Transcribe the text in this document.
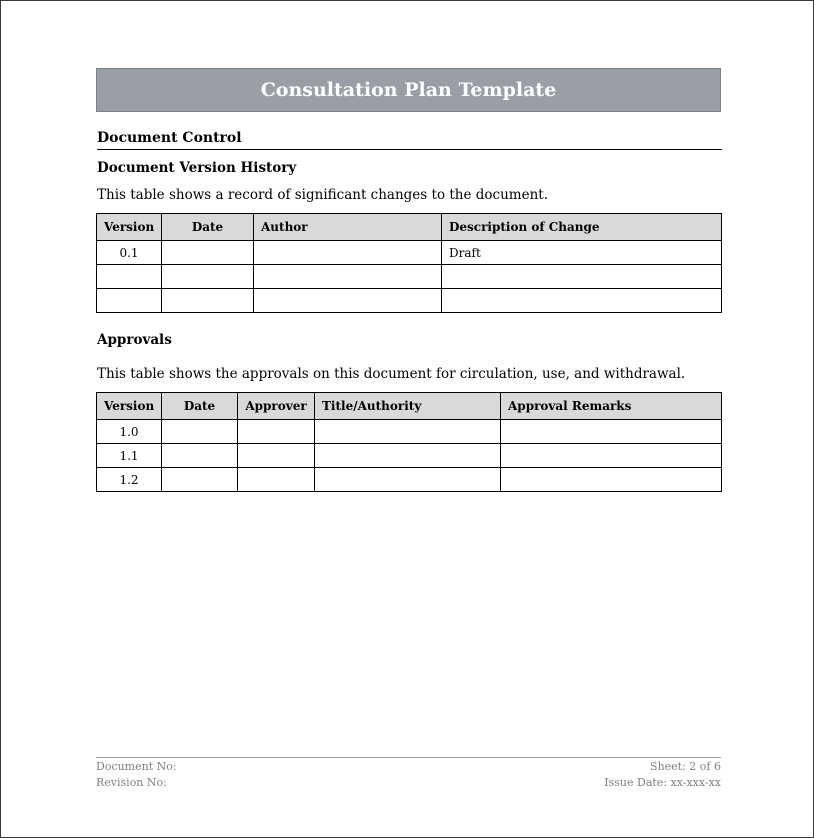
Consultation Plan Template
Document Control
Document Version History
This table shows a record of significant changes to the document.
Version	Date	Author	Description of Change
0.1			Draft

Approvals
This table shows the approvals on this document for circulation, use, and withdrawal.
Version	Date	Approver	Title/Authority	Approval Remarks
1.0				
1.1				
1.2				
Document No:	Sheet: 2 of 6
Revision No:	Issue Date: xx-xxx-xx
